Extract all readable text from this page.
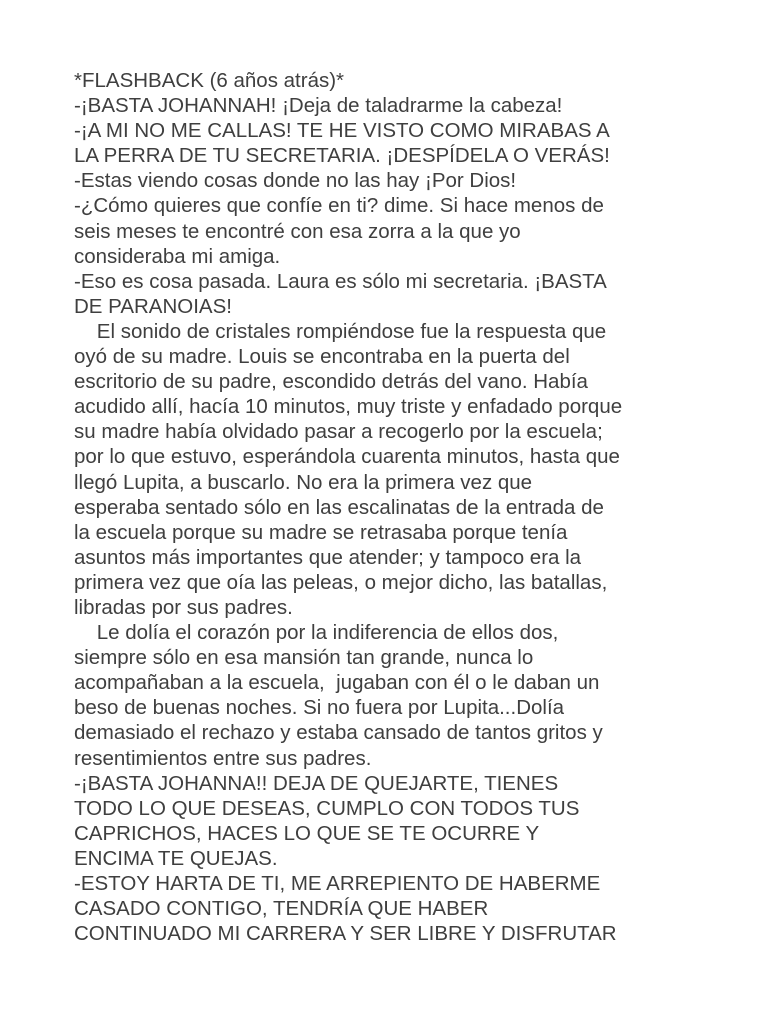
*FLASHBACK (6 años atrás)*
-¡BASTA JOHANNAH! ¡Deja de taladrarme la cabeza!
-¡A MI NO ME CALLAS! TE HE VISTO COMO MIRABAS A
LA PERRA DE TU SECRETARIA. ¡DESPÍDELA O VERÁS!
-Estas viendo cosas donde no las hay ¡Por Dios!
-¿Cómo quieres que confíe en ti? dime. Si hace menos de
seis meses te encontré con esa zorra a la que yo
consideraba mi amiga.
-Eso es cosa pasada. Laura es sólo mi secretaria. ¡BASTA
DE PARANOIAS!
El sonido de cristales rompiéndose fue la respuesta que
oyó de su madre. Louis se encontraba en la puerta del
escritorio de su padre, escondido detrás del vano. Había
acudido allí, hacía 10 minutos, muy triste y enfadado porque
su madre había olvidado pasar a recogerlo por la escuela;
por lo que estuvo, esperándola cuarenta minutos, hasta que
llegó Lupita, a buscarlo. No era la primera vez que
esperaba sentado sólo en las escalinatas de la entrada de
la escuela porque su madre se retrasaba porque tenía
asuntos más importantes que atender; y tampoco era la
primera vez que oía las peleas, o mejor dicho, las batallas,
libradas por sus padres.
Le dolía el corazón por la indiferencia de ellos dos,
siempre sólo en esa mansión tan grande, nunca lo
acompañaban a la escuela,  jugaban con él o le daban un
beso de buenas noches. Si no fuera por Lupita...Dolía
demasiado el rechazo y estaba cansado de tantos gritos y
resentimientos entre sus padres.
-¡BASTA JOHANNA!! DEJA DE QUEJARTE, TIENES
TODO LO QUE DESEAS, CUMPLO CON TODOS TUS
CAPRICHOS, HACES LO QUE SE TE OCURRE Y
ENCIMA TE QUEJAS.
-ESTOY HARTA DE TI, ME ARREPIENTO DE HABERME
CASADO CONTIGO, TENDRÍA QUE HABER
CONTINUADO MI CARRERA Y SER LIBRE Y DISFRUTAR
